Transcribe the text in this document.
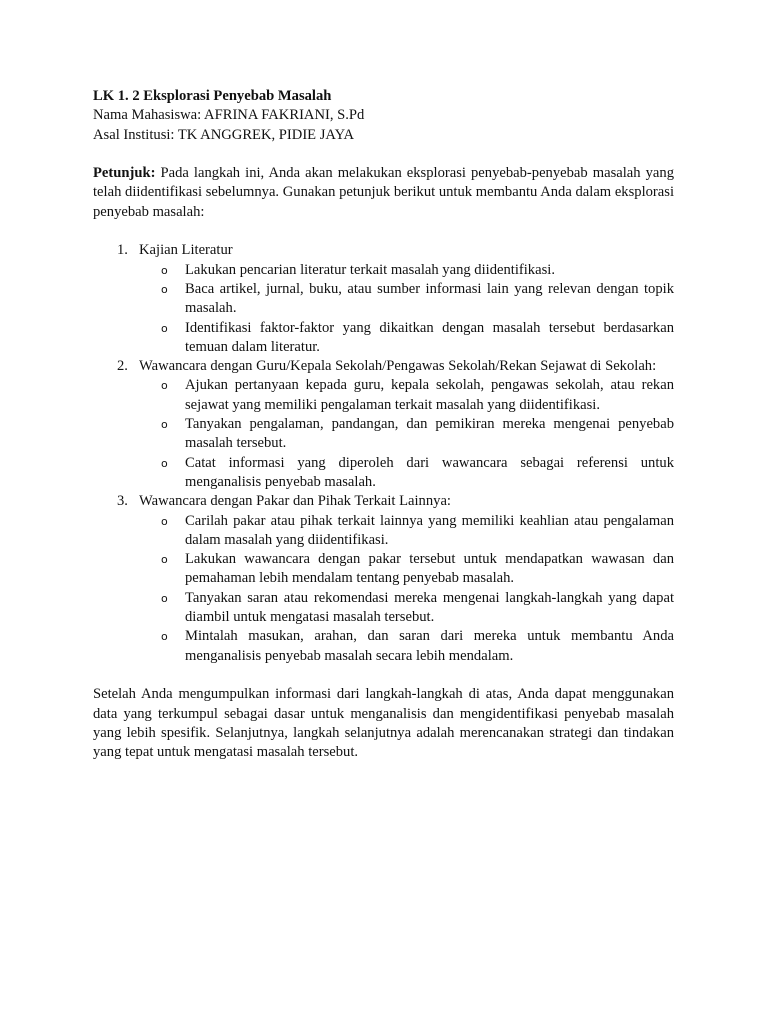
LK 1. 2 Eksplorasi Penyebab Masalah

Nama Mahasiswa: AFRINA FAKRIANI, S.Pd

Asal Institusi: TK ANGGREK, PIDIE JAYA

Petunjuk: Pada langkah ini, Anda akan melakukan eksplorasi penyebab-penyebab masalah yang telah diidentifikasi sebelumnya. Gunakan petunjuk berikut untuk membantu Anda dalam eksplorasi penyebab masalah:

1. Kajian Literatur
o Lakukan pencarian literatur terkait masalah yang diidentifikasi.
o Baca artikel, jurnal, buku, atau sumber informasi lain yang relevan dengan topik masalah.
o Identifikasi faktor-faktor yang dikaitkan dengan masalah tersebut berdasarkan temuan dalam literatur.
2. Wawancara dengan Guru/Kepala Sekolah/Pengawas Sekolah/Rekan Sejawat di Sekolah:
o Ajukan pertanyaan kepada guru, kepala sekolah, pengawas sekolah, atau rekan sejawat yang memiliki pengalaman terkait masalah yang diidentifikasi.
o Tanyakan pengalaman, pandangan, dan pemikiran mereka mengenai penyebab masalah tersebut.
o Catat informasi yang diperoleh dari wawancara sebagai referensi untuk menganalisis penyebab masalah.
3. Wawancara dengan Pakar dan Pihak Terkait Lainnya:
o Carilah pakar atau pihak terkait lainnya yang memiliki keahlian atau pengalaman dalam masalah yang diidentifikasi.
o Lakukan wawancara dengan pakar tersebut untuk mendapatkan wawasan dan pemahaman lebih mendalam tentang penyebab masalah.
o Tanyakan saran atau rekomendasi mereka mengenai langkah-langkah yang dapat diambil untuk mengatasi masalah tersebut.
o Mintalah masukan, arahan, dan saran dari mereka untuk membantu Anda menganalisis penyebab masalah secara lebih mendalam.

Setelah Anda mengumpulkan informasi dari langkah-langkah di atas, Anda dapat menggunakan data yang terkumpul sebagai dasar untuk menganalisis dan mengidentifikasi penyebab masalah yang lebih spesifik. Selanjutnya, langkah selanjutnya adalah merencanakan strategi dan tindakan yang tepat untuk mengatasi masalah tersebut.
